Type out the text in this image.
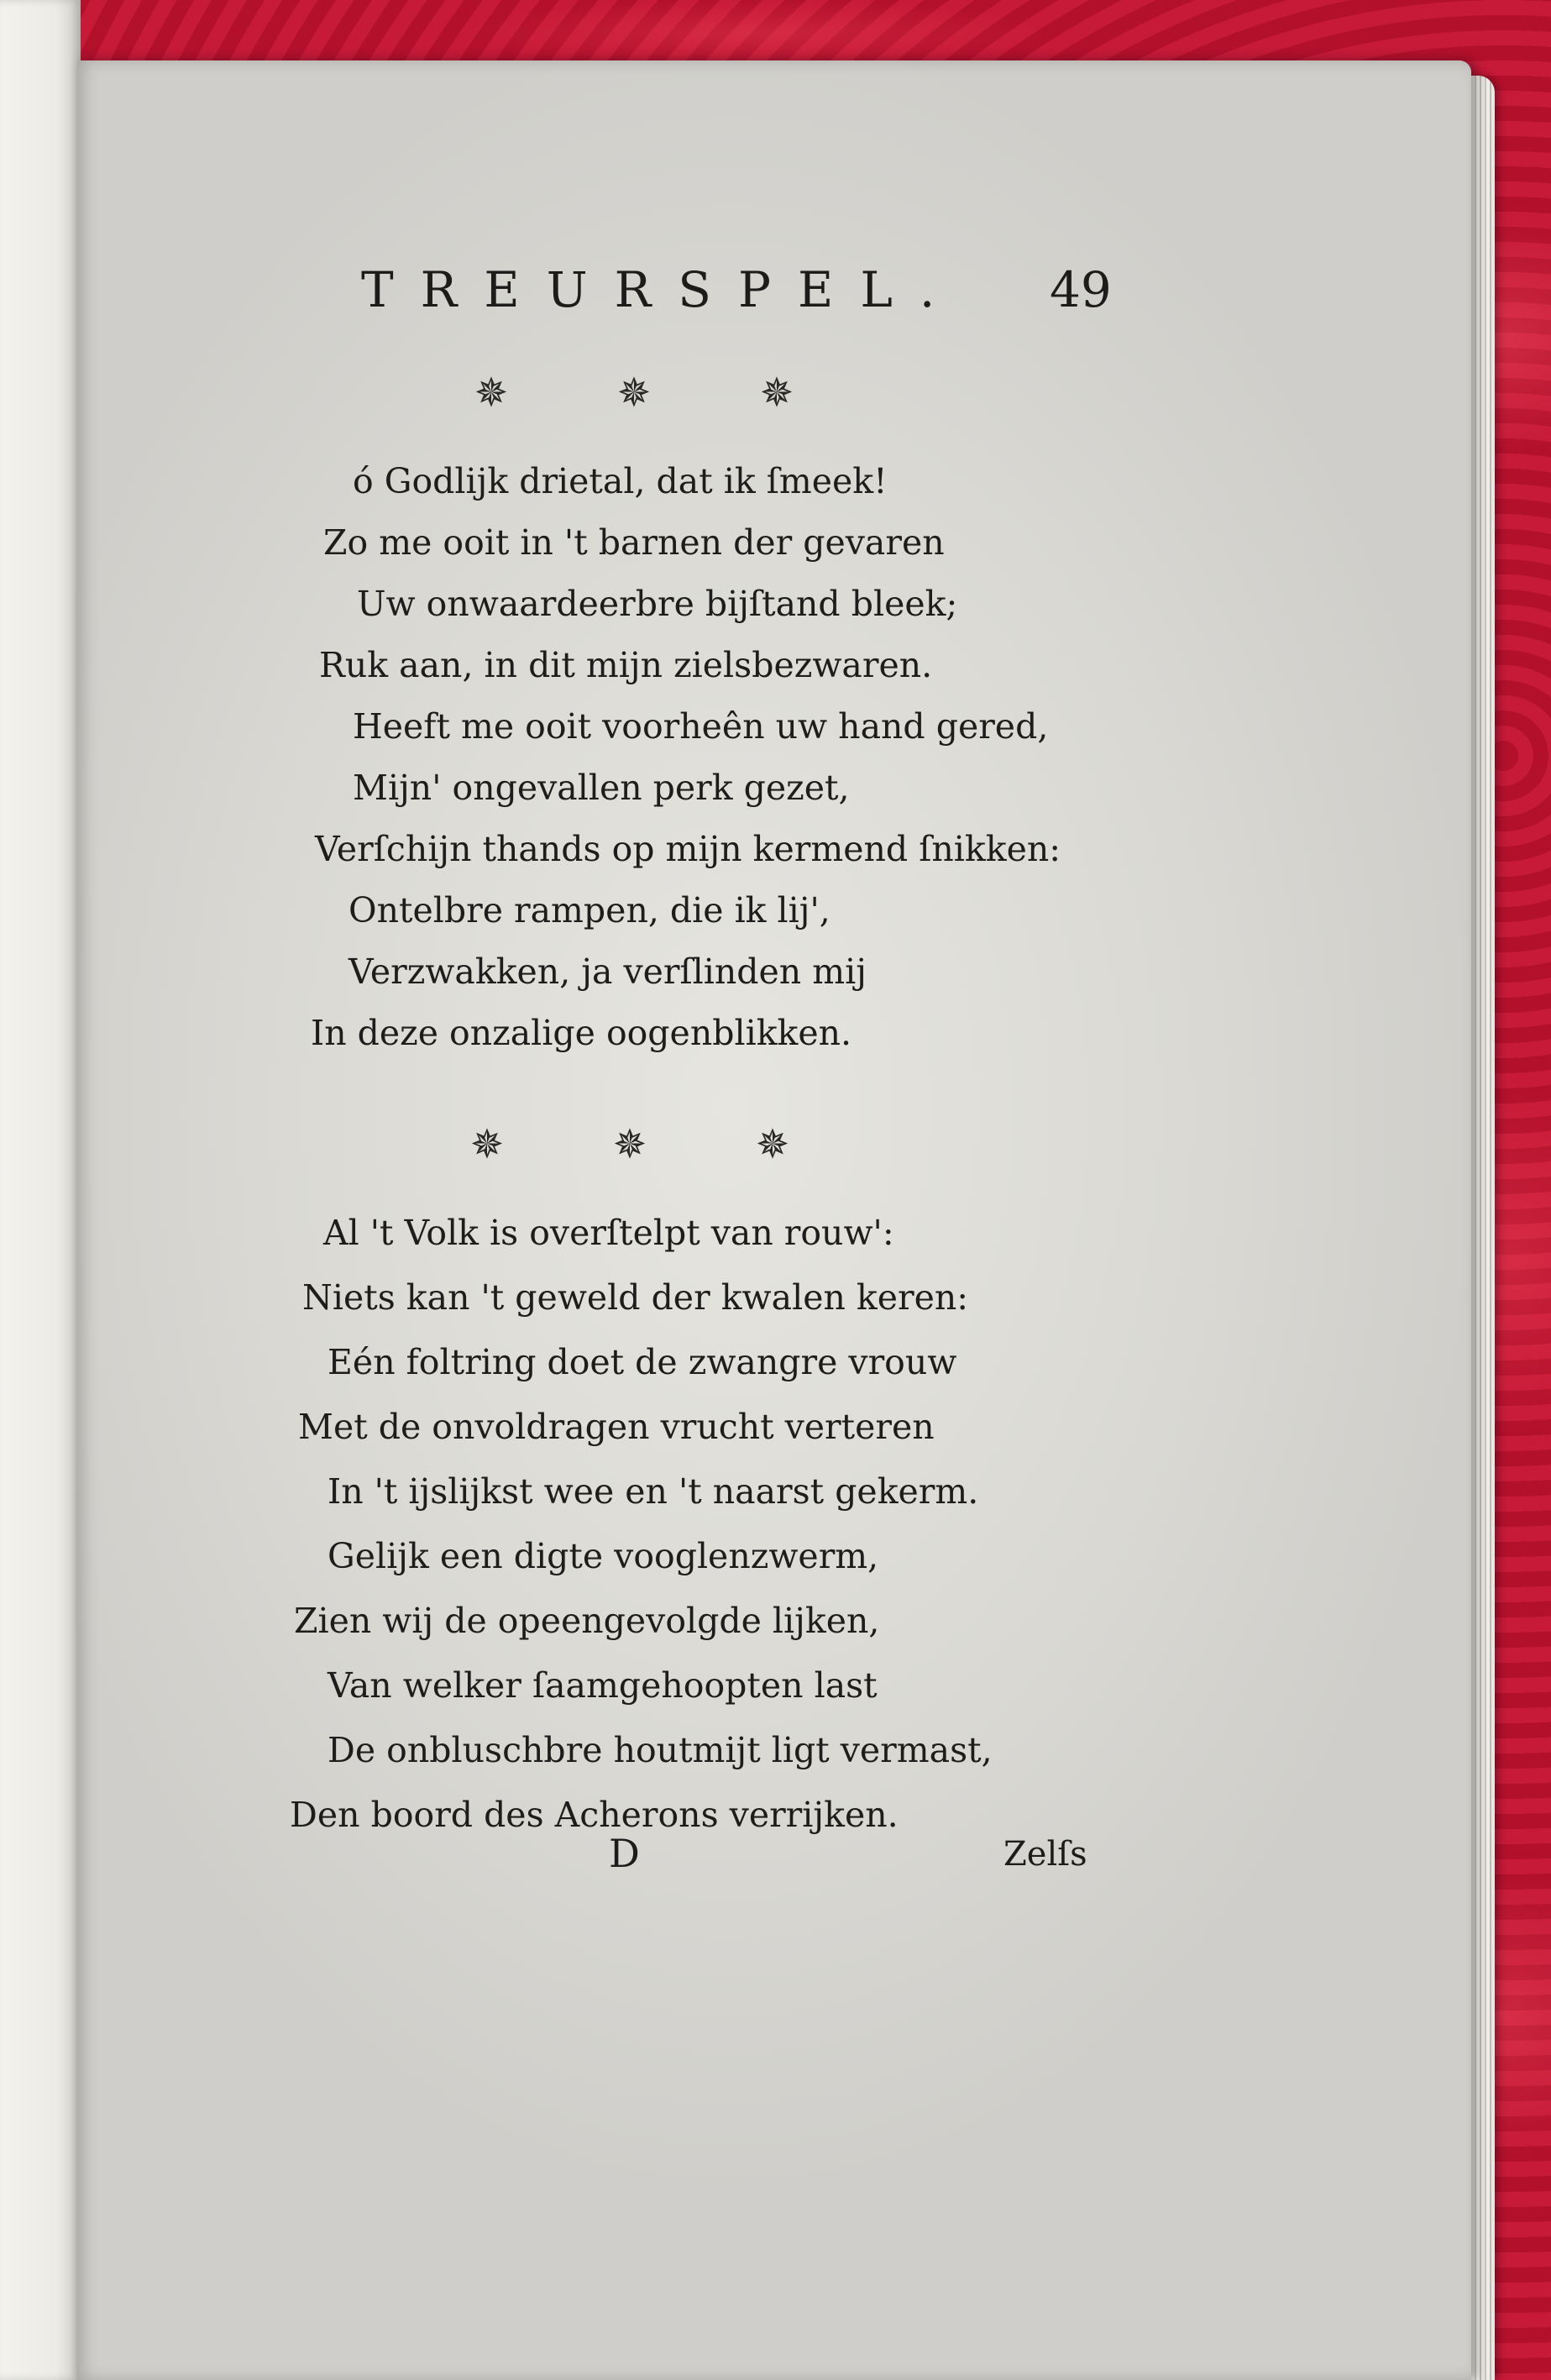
TREURSPEL. 49
✵	✵	✵
ó Godlijk drietal, dat ik ſmeek!
Zo me ooit in 't barnen der gevaren
Uw onwaardeerbre bijſtand bleek;
Ruk aan, in dit mijn zielsbezwaren.
Heeft me ooit voorheên uw hand gered,
Mijn' ongevallen perk gezet,
Verſchijn thands op mijn kermend ſnikken:
Ontelbre rampen, die ik lij',
Verzwakken, ja verſlinden mij
In deze onzalige oogenblikken.
✵	✵	✵
Al 't Volk is overſtelpt van rouw':
Niets kan 't geweld der kwalen keren:
Eén foltring doet de zwangre vrouw
Met de onvoldragen vrucht verteren
In 't ijslijkst wee en 't naarst gekerm.
Gelijk een digte vooglenzwerm,
Zien wij de opeengevolgde lijken,
Van welker ſaamgehoopten last
De onbluschbre houtmijt ligt vermast,
Den boord des Acherons verrijken.
D	Zelſs
